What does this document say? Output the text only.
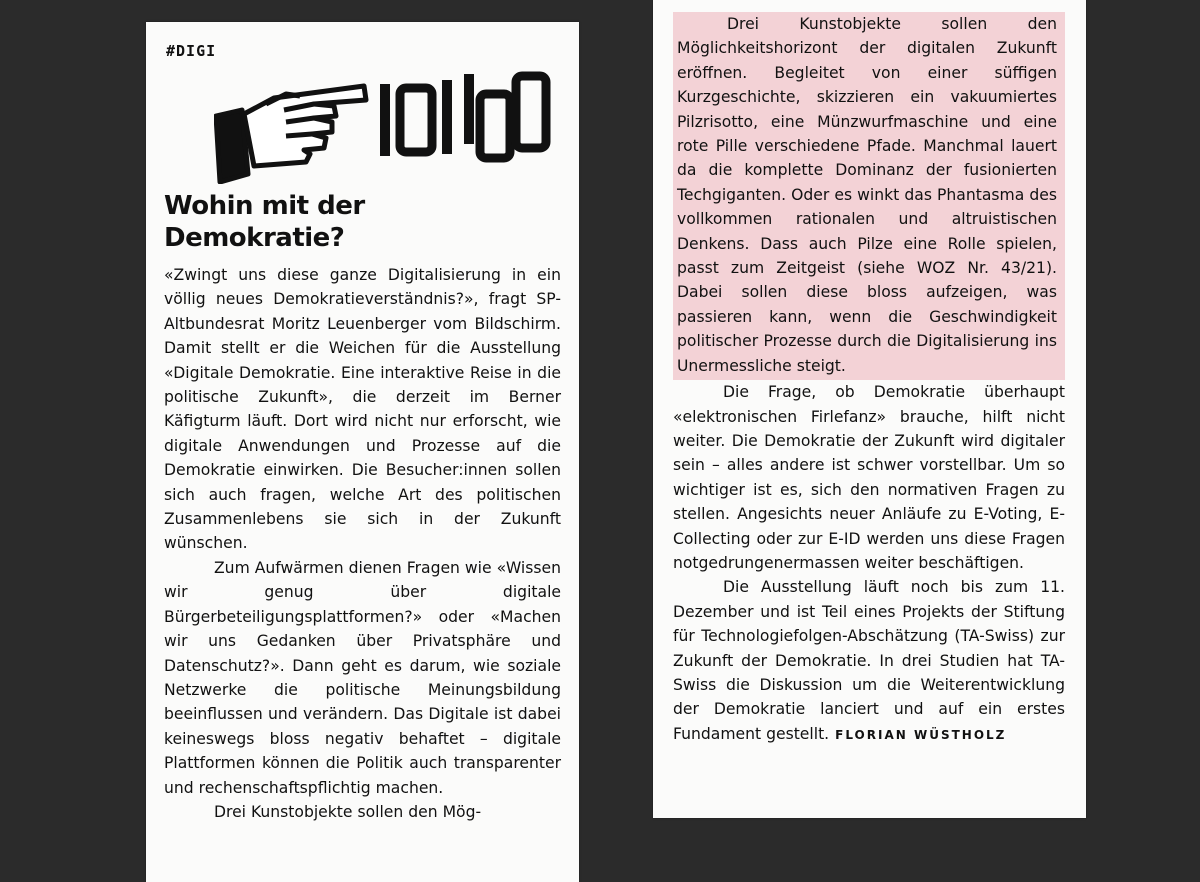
#DIGI
Wohin mit der
Demokratie?

«Zwingt uns diese ganze Digitalisierung in ein völlig neues Demokratieverständnis?», fragt SP-Altbundesrat Moritz Leuenberger vom Bildschirm. Damit stellt er die Weichen für die Ausstellung «Digitale Demokratie. Eine interaktive Reise in die politische Zukunft», die derzeit im Berner Käfigturm läuft. Dort wird nicht nur erforscht, wie digitale Anwendungen und Prozesse auf die Demokratie einwirken. Die Besucher:innen sollen sich auch fragen, welche Art des politischen Zusammenlebens sie sich in der Zukunft wünschen.

Zum Aufwärmen dienen Fragen wie «Wissen wir genug über digitale Bürgerbeteiligungsplattformen?» oder «Machen wir uns Gedanken über Privatsphäre und Datenschutz?». Dann geht es darum, wie soziale Netzwerke die politische Meinungsbildung beeinflussen und verändern. Das Digitale ist dabei keineswegs bloss negativ behaftet – digitale Plattformen können die Politik auch transparenter und rechenschaftspflichtig machen.

Drei Kunstobjekte sollen den Mög-

Drei Kunstobjekte sollen den Möglichkeitshorizont der digitalen Zukunft eröffnen. Begleitet von einer süffigen Kurzgeschichte, skizzieren ein vakuumiertes Pilzrisotto, eine Münzwurfmaschine und eine rote Pille verschiedene Pfade. Manchmal lauert da die komplette Dominanz der fusionierten Techgiganten. Oder es winkt das Phantasma des vollkommen rationalen und altruistischen Denkens. Dass auch Pilze eine Rolle spielen, passt zum Zeitgeist (siehe WOZ Nr. 43/21). Dabei sollen diese bloss aufzeigen, was passieren kann, wenn die Geschwindigkeit politischer Prozesse durch die Digitalisierung ins Unermessliche steigt.

Die Frage, ob Demokratie überhaupt «elektronischen Firlefanz» brauche, hilft nicht weiter. Die Demokratie der Zukunft wird digitaler sein – alles andere ist schwer vorstellbar. Um so wichtiger ist es, sich den normativen Fragen zu stellen. Angesichts neuer Anläufe zu E-Voting, E-Collecting oder zur E-ID werden uns diese Fragen notgedrungenermassen weiter beschäftigen.

Die Ausstellung läuft noch bis zum 11. Dezember und ist Teil eines Projekts der Stiftung für Technologiefolgen-Abschätzung (TA-Swiss) zur Zukunft der Demokratie. In drei Studien hat TA-Swiss die Diskussion um die Weiterentwicklung der Demokratie lanciert und auf ein erstes Fundament gestellt. FLORIAN WÜSTHOLZ
